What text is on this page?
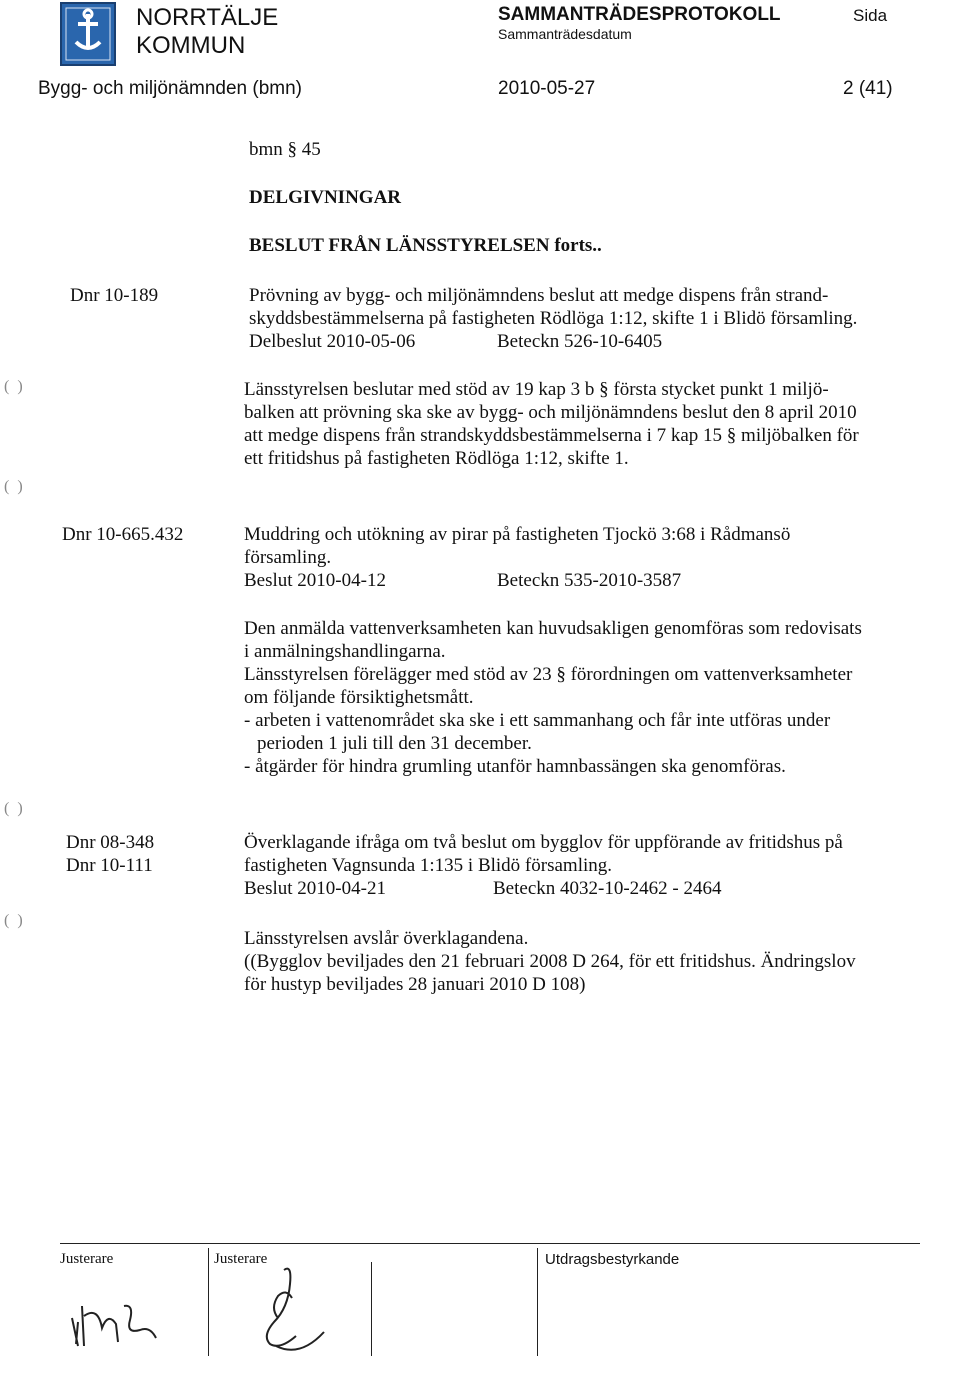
NORRTÄLJE
KOMMUN
SAMMANTRÄDESPROTOKOLL
Sammanträdesdatum
Sida
Bygg- och miljönämnden (bmn)	2010-05-27	2 (41)
bmn § 45
DELGIVNINGAR
BESLUT FRÅN LÄNSSTYRELSEN forts..
Dnr 10-189	Prövning av bygg- och miljönämndens beslut att medge dispens från strand-
skyddsbestämmelserna på fastigheten Rödlöga 1:12, skifte 1 i Blidö församling.
Delbeslut 2010-05-06	Beteckn 526-10-6405
Länsstyrelsen beslutar med stöd av 19 kap 3 b § första stycket punkt 1 miljö-
balken att prövning ska ske av bygg- och miljönämndens beslut den 8 april 2010
att medge dispens från strandskyddsbestämmelserna i 7 kap 15 § miljöbalken för
ett fritidshus på fastigheten Rödlöga 1:12, skifte 1.
Dnr 10-665.432	Muddring och utökning av pirar på fastigheten Tjockö 3:68 i Rådmansö
församling.
Beslut 2010-04-12	Beteckn 535-2010-3587
Den anmälda vattenverksamheten kan huvudsakligen genomföras som redovisats
i anmälningshandlingarna.
Länsstyrelsen förelägger med stöd av 23 § förordningen om vattenverksamheter
om följande försiktighetsmått.
- arbeten i vattenområdet ska ske i ett sammanhang och får inte utföras under
perioden 1 juli till den 31 december.
- åtgärder för hindra grumling utanför hamnbassängen ska genomföras.
Dnr 08-348
Dnr 10-111
Överklagande ifråga om två beslut om bygglov för uppförande av fritidshus på
fastigheten Vagnsunda 1:135 i Blidö församling.
Beslut 2010-04-21	Beteckn 4032-10-2462 - 2464
Länsstyrelsen avslår överklagandena.
((Bygglov beviljades den 21 februari 2008 D 264, för ett fritidshus. Ändringslov
för hustyp beviljades 28 januari 2010 D 108)
(  )
(  )
(  )
(  )
Justerare	Justerare	Utdragsbestyrkande
